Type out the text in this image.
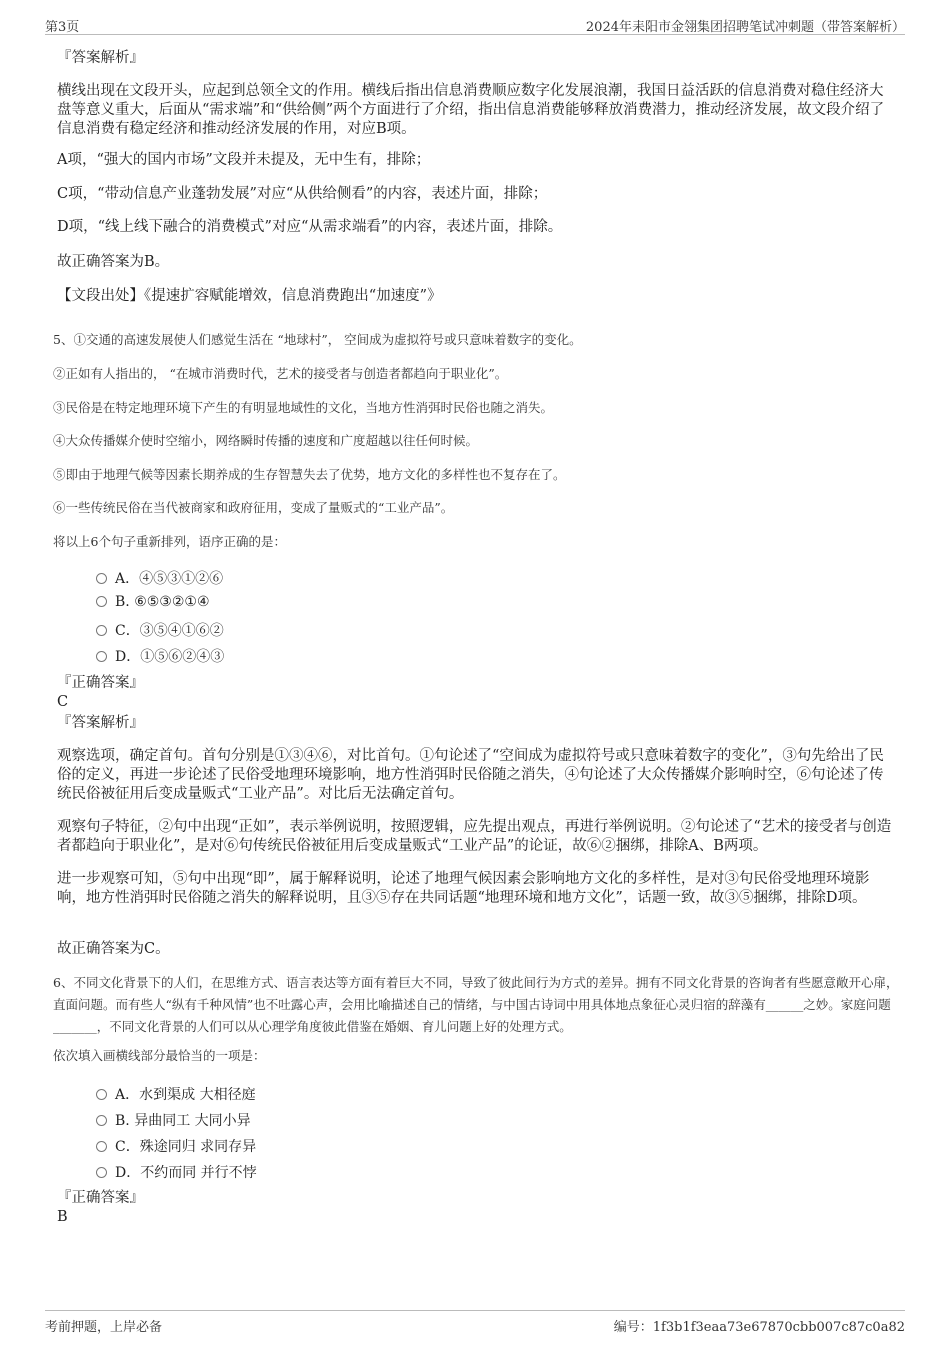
第3页	2024年耒阳市金翎集团招聘笔试冲刺题（带答案解析）
『答案解析』
横线出现在文段开头，应起到总领全文的作用。横线后指出信息消费顺应数字化发展浪潮，我国日益活跃的信息消费对稳住经济大盘等意义重大，后面从“需求端”和“供给侧”两个方面进行了介绍，指出信息消费能够释放消费潜力，推动经济发展，故文段介绍了信息消费有稳定经济和推动经济发展的作用，对应B项。
A项，“强大的国内市场”文段并未提及，无中生有，排除；
C项，“带动信息产业蓬勃发展”对应“从供给侧看”的内容，表述片面，排除；
D项，“线上线下融合的消费模式”对应“从需求端看”的内容，表述片面，排除。
故正确答案为B。
【文段出处】《提速扩容赋能增效，信息消费跑出“加速度”》
5、①交通的高速发展使人们感觉生活在 “地球村”， 空间成为虚拟符号或只意味着数字的变化。
②正如有人指出的， “在城市消费时代，艺术的接受者与创造者都趋向于职业化”。
③民俗是在特定地理环境下产生的有明显地域性的文化，当地方性消弭时民俗也随之消失。
④大众传播媒介使时空缩小，网络瞬时传播的速度和广度超越以往任何时候。
⑤即由于地理气候等因素长期养成的生存智慧失去了优势，地方文化的多样性也不复存在了。
⑥一些传统民俗在当代被商家和政府征用，变成了量贩式的“工业产品”。
将以上6个句子重新排列，语序正确的是：
A．④⑤③①②⑥
B. ⑥⑤③②①④
C．③⑤④①⑥②
D．①⑤⑥②④③
『正确答案』
C
『答案解析』
观察选项，确定首句。首句分别是①③④⑥，对比首句。①句论述了“空间成为虚拟符号或只意味着数字的变化”，③句先给出了民俗的定义，再进一步论述了民俗受地理环境影响，地方性消弭时民俗随之消失，④句论述了大众传播媒介影响时空，⑥句论述了传统民俗被征用后变成量贩式“工业产品”。对比后无法确定首句。
观察句子特征，②句中出现“正如”，表示举例说明，按照逻辑，应先提出观点，再进行举例说明。②句论述了“艺术的接受者与创造者都趋向于职业化”，是对⑥句传统民俗被征用后变成量贩式“工业产品”的论证，故⑥②捆绑，排除A、B两项。
进一步观察可知，⑤句中出现“即”，属于解释说明，论述了地理气候因素会影响地方文化的多样性，是对③句民俗受地理环境影响，地方性消弭时民俗随之消失的解释说明，且③⑤存在共同话题“地理环境和地方文化”，话题一致，故③⑤捆绑，排除D项。
故正确答案为C。
6、不同文化背景下的人们，在思维方式、语言表达等方面有着巨大不同，导致了彼此间行为方式的差异。拥有不同文化背景的咨询者有些愿意敞开心扉，直面问题。而有些人“纵有千种风情”也不吐露心声，会用比喻描述自己的情绪，与中国古诗词中用具体地点象征心灵归宿的辞藻有______之妙。家庭问题_______，不同文化背景的人们可以从心理学角度彼此借鉴在婚姻、育儿问题上好的处理方式。
依次填入画横线部分最恰当的一项是：
A．水到渠成 大相径庭
B. 异曲同工 大同小异
C．殊途同归 求同存异
D．不约而同 并行不悖
『正确答案』
B
考前押题，上岸必备	编号：1f3b1f3eaa73e67870cbb007c87c0a82
